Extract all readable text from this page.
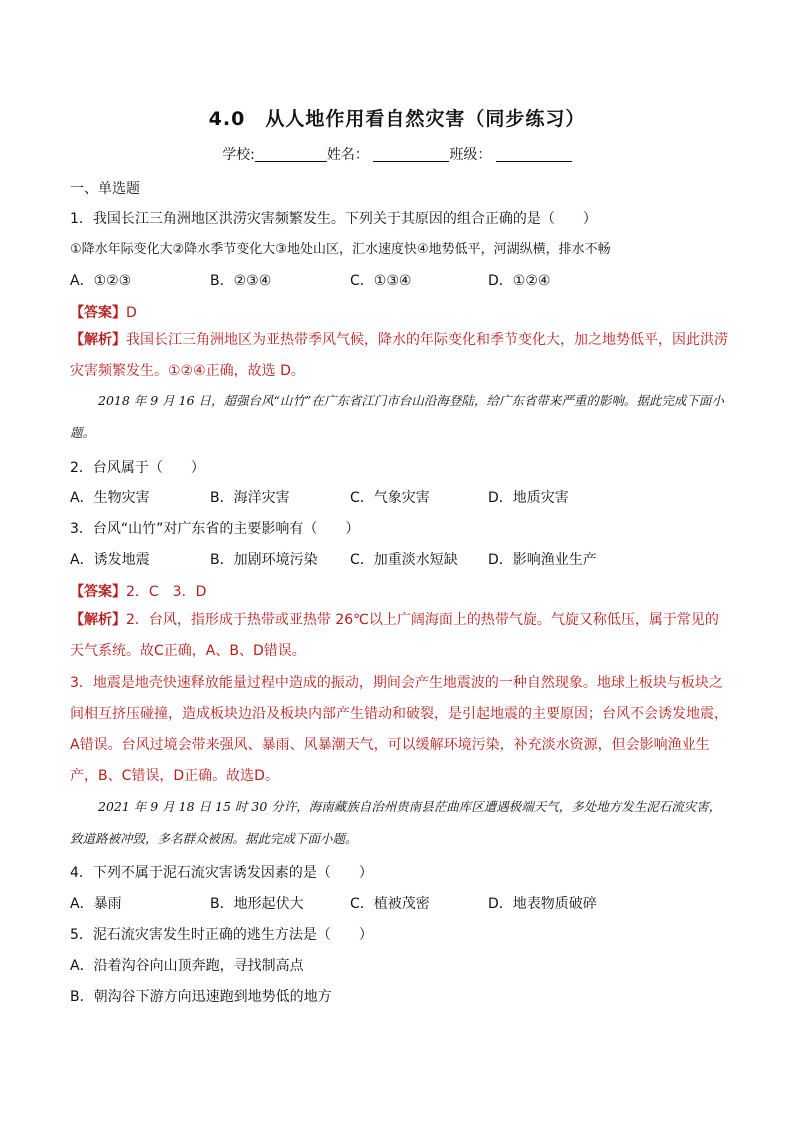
4.0　从人地作用看自然灾害（同步练习）
学校:	姓名：	班级：
一、单选题
1．我国长江三角洲地区洪涝灾害频繁发生。下列关于其原因的组合正确的是（　　）
①降水年际变化大②降水季节变化大③地处山区，汇水速度快④地势低平，河湖纵横，排水不畅
A．①②③	B．②③④	C．①③④	D．①②④
【答案】D
【解析】我国长江三角洲地区为亚热带季风气候，降水的年际变化和季节变化大，加之地势低平，因此洪涝灾害频繁发生。①②④正确，故选 D。
2018 年 9 月 16 日，超强台风“山竹”在广东省江门市台山沿海登陆，给广东省带来严重的影响。据此完成下面小题。
2．台风属于（　　）
A．生物灾害	B．海洋灾害	C．气象灾害	D．地质灾害
3．台风“山竹”对广东省的主要影响有（　　）
A．诱发地震	B．加剧环境污染 C．加重淡水短缺 D．影响渔业生产
【答案】2．C　3．D
【解析】2．台风，指形成于热带或亚热带 26℃以上广阔海面上的热带气旋。气旋又称低压，属于常见的天气系统。故C正确，A、B、D错误。
3．地震是地壳快速释放能量过程中造成的振动，期间会产生地震波的一种自然现象。地球上板块与板块之间相互挤压碰撞，造成板块边沿及板块内部产生错动和破裂，是引起地震的主要原因；台风不会诱发地震，A错误。台风过境会带来强风、暴雨、风暴潮天气，可以缓解环境污染，补充淡水资源，但会影响渔业生产，B、C错误，D正确。故选D。
2021 年 9 月 18 日 15 时 30 分许，海南藏族自治州贵南县茫曲库区遭遇极端天气，多处地方发生泥石流灾害，致道路被冲毁，多名群众被困。据此完成下面小题。
4．下列不属于泥石流灾害诱发因素的是（　　）
A．暴雨	B．地形起伏大	C．植被茂密	D．地表物质破碎
5．泥石流灾害发生时正确的逃生方法是（　　）
A．沿着沟谷向山顶奔跑，寻找制高点
B．朝沟谷下游方向迅速跑到地势低的地方
